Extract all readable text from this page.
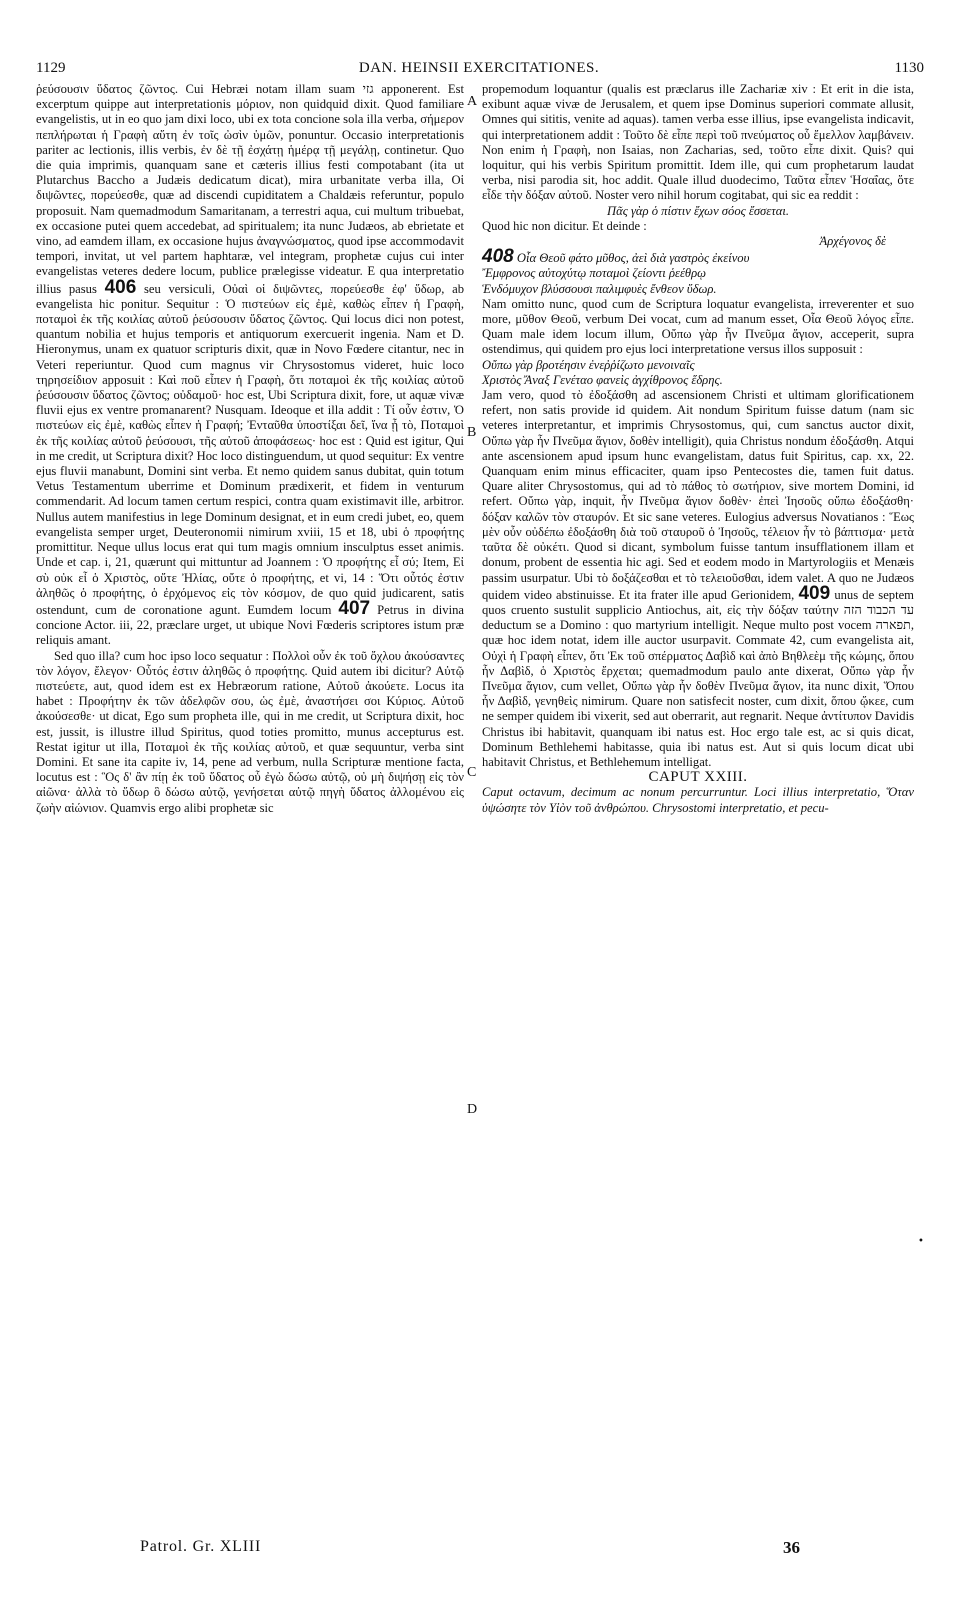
1129	DAN. HEINSII EXERCITATIONES.	1130

ῥεύσουσιν ὕδατος ζῶντος. Cui Hebræi notam illam suam גזי apponerent. Est excerptum quippe aut interpretationis μόριον, non quidquid dixit. Quod familiare evangelistis, ut in eo quo jam dixi loco, ubi ex tota concione sola illa verba, σήμερον πεπλήρωται ἡ Γραφὴ αὕτη ἐν τοῖς ὠσὶν ὑμῶν, ponuntur. Occasio interpretationis pariter ac lectionis, illis verbis, ἐν δὲ τῇ ἐσχάτῃ ἡμέρᾳ τῇ μεγάλῃ, continetur. Quo die quia imprimis, quanquam sane et cæteris illius festi compotabant (ita ut Plutarchus Baccho a Judæis dedicatum dicat), mira urbanitate verba illa, Οἱ διψῶντες, πορεύεσθε, quæ ad discendi cupiditatem a Chaldæis referuntur, populo proposuit. Nam quemadmodum Samaritanam, a terrestri aqua, cui multum tribuebat, ex occasione putei quem accedebat, ad spiritualem; ita nunc Judæos, ab ebrietate et vino, ad eamdem illam, ex occasione hujus ἀναγνώσματος, quod ipse accommodavit tempori, invitat, ut vel partem haphtaræ, vel integram, prophetæ cujus cui inter evangelistas veteres dedere locum, publice prælegisse videatur. E qua interpretatio illius pasus 406 seu versiculi, Οὐαὶ οἱ διψῶντες, πορεύεσθε ἐφ' ὕδωρ, ab evangelista hic ponitur. Sequitur : Ὁ πιστεύων εἰς ἐμὲ, καθὼς εἶπεν ἡ Γραφὴ, ποταμοὶ ἐκ τῆς κοιλίας αὐτοῦ ῥεύσουσιν ὕδατος ζῶντος. Qui locus dici non potest, quantum nobilia et hujus temporis et antiquorum exercuerit ingenia. Nam et D. Hieronymus, unam ex quatuor scripturis dixit, quæ in Novo Fœdere citantur, nec in Veteri reperiuntur. Quod cum magnus vir Chrysostomus videret, huic loco τηρησείδιον apposuit : Καὶ ποῦ εἶπεν ἡ Γραφὴ, ὅτι ποταμοὶ ἐκ τῆς κοιλίας αὐτοῦ ῥεύσουσιν ὕδατος ζῶντος; οὐδαμοῦ· hoc est, Ubi Scriptura dixit, fore, ut aquæ vivæ fluvii ejus ex ventre promanarent? Nusquam. Ideoque et illa addit : Τί οὖν ἐστιν, Ὁ πιστεύων εἰς ἐμὲ, καθὼς εἶπεν ἡ Γραφή; Ἐνταῦθα ὑποστίξαι δεῖ, ἵνα ᾖ τὸ, Ποταμοὶ ἐκ τῆς κοιλίας αὐτοῦ ῥεύσουσι, τῆς αὐτοῦ ἀποφάσεως· hoc est : Quid est igitur, Qui in me credit, ut Scriptura dixit? Hoc loco distinguendum, ut quod sequitur: Ex ventre ejus fluvii manabunt, Domini sint verba. Et nemo quidem sanus dubitat, quin totum Vetus Testamentum uberrime et Dominum prædixerit, et fidem in venturum commendarit. Ad locum tamen certum respici, contra quam existimavit ille, arbitror. Nullus autem manifestius in lege Dominum designat, et in eum credi jubet, eo, quem evangelista semper urget, Deuteronomii nimirum xviii, 15 et 18, ubi ὁ προφήτης promittitur. Neque ullus locus erat qui tum magis omnium insculptus esset animis. Unde et cap. i, 21, quærunt qui mittuntur ad Joannem : Ὁ προφήτης εἶ σύ; Item, Εἰ σὺ οὐκ εἶ ὁ Χριστὸς, οὔτε Ἠλίας, οὔτε ὁ προφήτης, et vi, 14 : Ὅτι οὗτός ἐστιν ἀληθῶς ὁ προφήτης, ὁ ἐρχόμενος εἰς τὸν κόσμον, de quo quid judicarent, satis ostendunt, cum de coronatione agunt. Eumdem locum 407 Petrus in divina concione Actor. iii, 22, præclare urget, ut ubique Novi Fœderis scriptores istum præ reliquis amant.

Sed quo illa? cum hoc ipso loco sequatur : Πολλοὶ οὖν ἐκ τοῦ ὄχλου ἀκούσαντες τὸν λόγον, ἔλεγον· Οὗτός ἐστιν ἀληθῶς ὁ προφήτης. Quid autem ibi dicitur? Αὐτῷ πιστεύετε, aut, quod idem est ex Hebræorum ratione, Αὐτοῦ ἀκούετε. Locus ita habet : Προφήτην ἐκ τῶν ἀδελφῶν σου, ὡς ἐμὲ, ἀναστήσει σοι Κύριος. Αὐτοῦ ἀκούσεσθε· ut dicat, Ego sum propheta ille, qui in me credit, ut Scriptura dixit, hoc est, jussit, is illustre illud Spiritus, quod toties promitto, munus accepturus est. Restat igitur ut illa, Ποταμοὶ ἐκ τῆς κοιλίας αὐτοῦ, et quæ sequuntur, verba sint Domini. Et sane ita capite iv, 14, pene ad verbum, nulla Scripturæ mentione facta, locutus est : Ὃς δ' ἂν πίῃ ἐκ τοῦ ὕδατος οὗ ἐγὼ δώσω αὐτῷ, οὐ μὴ διψήσῃ εἰς τὸν αἰῶνα· ἀλλὰ τὸ ὕδωρ ὃ δώσω αὐτῷ, γενήσεται αὐτῷ πηγὴ ὕδατος ἀλλομένου εἰς ζωὴν αἰώνιον. Quamvis ergo alibi prophetæ sic

propemodum loquantur (qualis est præclarus ille Zachariæ xiv : Et erit in die ista, exibunt aquæ vivæ de Jerusalem, et quem ipse Dominus superiori commate allusit, Omnes qui sititis, venite ad aquas). tamen verba esse illius, ipse evangelista indicavit, qui interpretationem addit : Τοῦτο δὲ εἶπε περὶ τοῦ πνεύματος οὗ ἔμελλον λαμβάνειν. Non enim ἡ Γραφὴ, non Isaias, non Zacharias, sed, τοῦτο εἶπε dixit. Quis? qui loquitur, qui his verbis Spiritum promittit. Idem ille, qui cum prophetarum laudat verba, nisi parodia sit, hoc addit. Quale illud duodecimo, Ταῦτα εἶπεν Ἡσαΐας, ὅτε εἶδε τὴν δόξαν αὐτοῦ. Noster vero nihil horum cogitabat, qui sic ea reddit :

Πᾶς γὰρ ὁ πίστιν ἔχων σόος ἔσσεται.

Quod hic non dicitur. Et deinde :

Ἀρχέγονος δὲ

408 Οἷα Θεοῦ φάτο μῦθος, ἀεὶ διὰ γαστρὸς ἐκείνου

Ἔμφρονος αὐτοχύτῳ ποταμοὶ ζείοντι ῥεέθρῳ

Ἑνδόμυχον βλύσσουσι παλιμφυὲς ἔνθεον ὕδωρ.

Nam omitto nunc, quod cum de Scriptura loquatur evangelista, irreverenter et suo more, μῦθον Θεοῦ, verbum Dei vocat, cum ad manum esset, Οἷα Θεοῦ λόγος εἶπε. Quam male idem locum illum, Οὔπω γὰρ ἦν Πνεῦμα ἅγιον, acceperit, supra ostendimus, qui quidem pro ejus loci interpretatione versus illos supposuit :

Οὔπω γὰρ βροτέησιν ἐνεῤῥίζωτο μενοιναῖς

Χριστὸς Ἄναξ Γενέταο φανεὶς ἀγχίθρονος ἕδρης.

Jam vero, quod τὸ ἐδοξάσθη ad ascensionem Christi et ultimam glorificationem refert, non satis provide id quidem. Ait nondum Spiritum fuisse datum (nam sic veteres interpretantur, et imprimis Chrysostomus, qui, cum sanctus auctor dixit, Οὔπω γὰρ ἦν Πνεῦμα ἅγιον, δοθὲν intelligit), quia Christus nondum ἐδοξάσθη. Atqui ante ascensionem apud ipsum hunc evangelistam, datus fuit Spiritus, cap. xx, 22. Quanquam enim minus efficaciter, quam ipso Pentecostes die, tamen fuit datus. Quare aliter Chrysostomus, qui ad τὸ πάθος τὸ σωτήριον, sive mortem Domini, id refert. Οὔπω γὰρ, inquit, ἦν Πνεῦμα ἅγιον δοθὲν· ἐπεὶ Ἰησοῦς οὔπω ἐδοξάσθη· δόξαν καλῶν τὸν σταυρόν. Et sic sane veteres. Eulogius adversus Novatianos : Ἕως μὲν οὖν οὐδέπω ἐδοξάσθη διὰ τοῦ σταυροῦ ὁ Ἰησοῦς, τέλειον ἦν τὸ βάπτισμα· μετὰ ταῦτα δὲ οὐκέτι. Quod si dicant, symbolum fuisse tantum insufflationem illam et donum, probent de essentia hic agi. Sed et eodem modo in Martyrologiis et Menæis passim usurpatur. Ubi τὸ δοξάζεσθαι et τὸ τελειοῦσθαι, idem valet. A quo ne Judæos quidem video abstinuisse. Et ita frater ille apud Gerionidem, 409 unus de septem quos cruento sustulit supplicio Antiochus, ait, εἰς τὴν δόξαν ταύτην עד הכבוד הזה deductum se a Domino : quo martyrium intelligit. Neque multo post vocem תפארה, quæ hoc idem notat, idem ille auctor usurpavit. Commate 42, cum evangelista ait, Οὐχὶ ἡ Γραφὴ εἶπεν, ὅτι Ἐκ τοῦ σπέρματος Δαβὶδ καὶ ἀπὸ Βηθλεὲμ τῆς κώμης, ὅπου ἦν Δαβὶδ, ὁ Χριστὸς ἔρχεται; quemadmodum paulo ante dixerat, Οὔπω γὰρ ἦν Πνεῦμα ἅγιον, cum vellet, Οὔπω γὰρ ἦν δοθὲν Πνεῦμα ἅγιον, ita nunc dixit, Ὅπου ἦν Δαβὶδ, γενηθεὶς nimirum. Quare non satisfecit noster, cum dixit, ὅπου ᾤκεε, cum ne semper quidem ibi vixerit, sed aut oberrarit, aut regnarit. Neque ἀντίτυπον Davidis Christus ibi habitavit, quanquam ibi natus est. Hoc ergo tale est, ac si quis dicat, Dominum Bethlehemi habitasse, quia ibi natus est. Aut si quis locum dicat ubi habitavit Christus, et Bethlehemum intelligat.

CAPUT XXIII.

Caput octavum, decimum ac nonum percurruntur. Loci illius interpretatio, Ὅταν ὑψώσητε τὸν Υἱὸν τοῦ ἀνθρώπου. Chrysostomi interpretatio, et pecu-

A
B
C
D
•
Patrol. Gr. XLIII	36
